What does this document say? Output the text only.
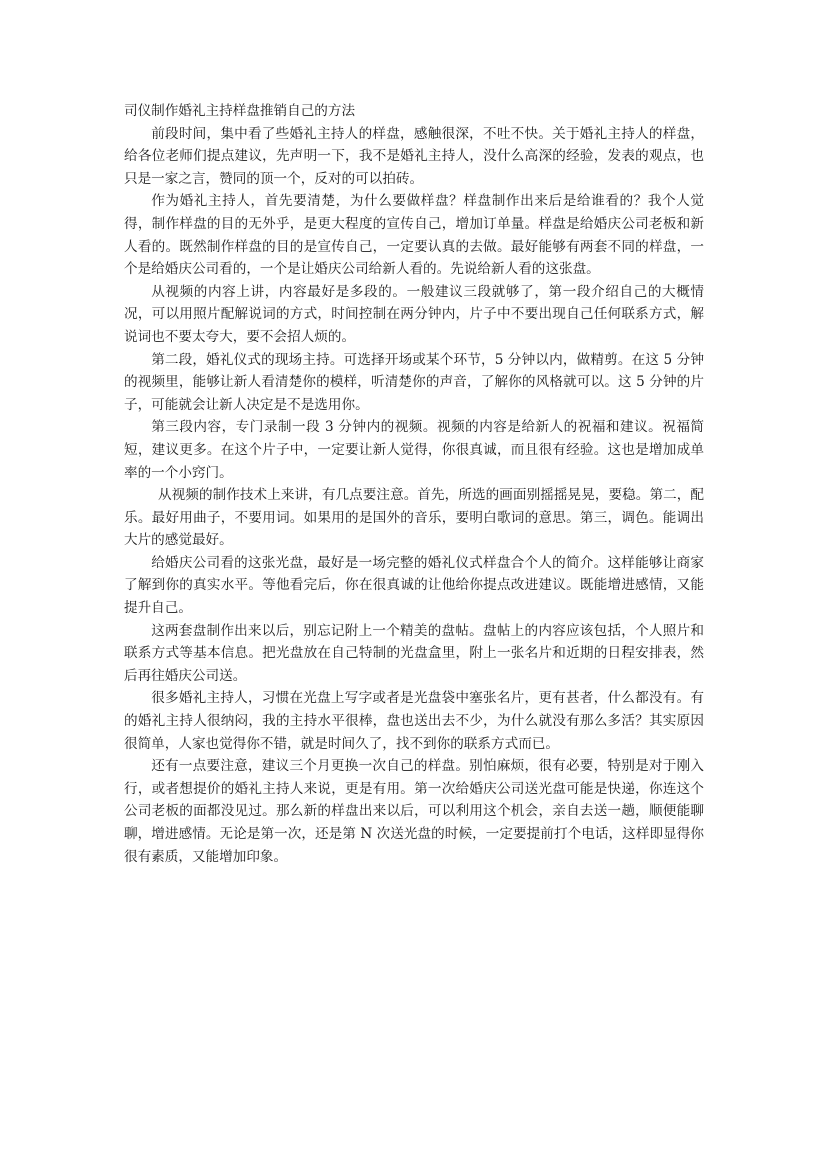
司仪制作婚礼主持样盘推销自己的方法

前段时间，集中看了些婚礼主持人的样盘，感触很深，不吐不快。关于婚礼主持人的样盘，给各位老师们提点建议，先声明一下，我不是婚礼主持人，没什么高深的经验，发表的观点，也只是一家之言，赞同的顶一个，反对的可以拍砖。

作为婚礼主持人，首先要清楚，为什么要做样盘？样盘制作出来后是给谁看的？我个人觉得，制作样盘的目的无外乎，是更大程度的宣传自己，增加订单量。样盘是给婚庆公司老板和新人看的。既然制作样盘的目的是宣传自己，一定要认真的去做。最好能够有两套不同的样盘，一个是给婚庆公司看的，一个是让婚庆公司给新人看的。先说给新人看的这张盘。

从视频的内容上讲，内容最好是多段的。一般建议三段就够了，第一段介绍自己的大概情况，可以用照片配解说词的方式，时间控制在两分钟内，片子中不要出现自己任何联系方式，解说词也不要太夸大，要不会招人烦的。

第二段，婚礼仪式的现场主持。可选择开场或某个环节，5 分钟以内，做精剪。在这 5 分钟的视频里，能够让新人看清楚你的模样，听清楚你的声音，了解你的风格就可以。这 5 分钟的片子，可能就会让新人决定是不是选用你。

第三段内容，专门录制一段 3 分钟内的视频。视频的内容是给新人的祝福和建议。祝福简短，建议更多。在这个片子中，一定要让新人觉得，你很真诚，而且很有经验。这也是增加成单率的一个小窍门。

从视频的制作技术上来讲，有几点要注意。首先，所选的画面别摇摇晃晃，要稳。第二，配乐。最好用曲子，不要用词。如果用的是国外的音乐，要明白歌词的意思。第三，调色。能调出大片的感觉最好。

给婚庆公司看的这张光盘，最好是一场完整的婚礼仪式样盘合个人的简介。这样能够让商家了解到你的真实水平。等他看完后，你在很真诚的让他给你提点改进建议。既能增进感情，又能提升自己。

这两套盘制作出来以后，别忘记附上一个精美的盘帖。盘帖上的内容应该包括，个人照片和联系方式等基本信息。把光盘放在自己特制的光盘盒里，附上一张名片和近期的日程安排表，然后再往婚庆公司送。

很多婚礼主持人，习惯在光盘上写字或者是光盘袋中塞张名片，更有甚者，什么都没有。有的婚礼主持人很纳闷，我的主持水平很棒，盘也送出去不少，为什么就没有那么多活？其实原因很简单，人家也觉得你不错，就是时间久了，找不到你的联系方式而已。

还有一点要注意，建议三个月更换一次自己的样盘。别怕麻烦，很有必要，特别是对于刚入行，或者想提价的婚礼主持人来说，更是有用。第一次给婚庆公司送光盘可能是快递，你连这个公司老板的面都没见过。那么新的样盘出来以后，可以利用这个机会，亲自去送一趟，顺便能聊聊，增进感情。无论是第一次，还是第 N 次送光盘的时候，一定要提前打个电话，这样即显得你很有素质，又能增加印象。
